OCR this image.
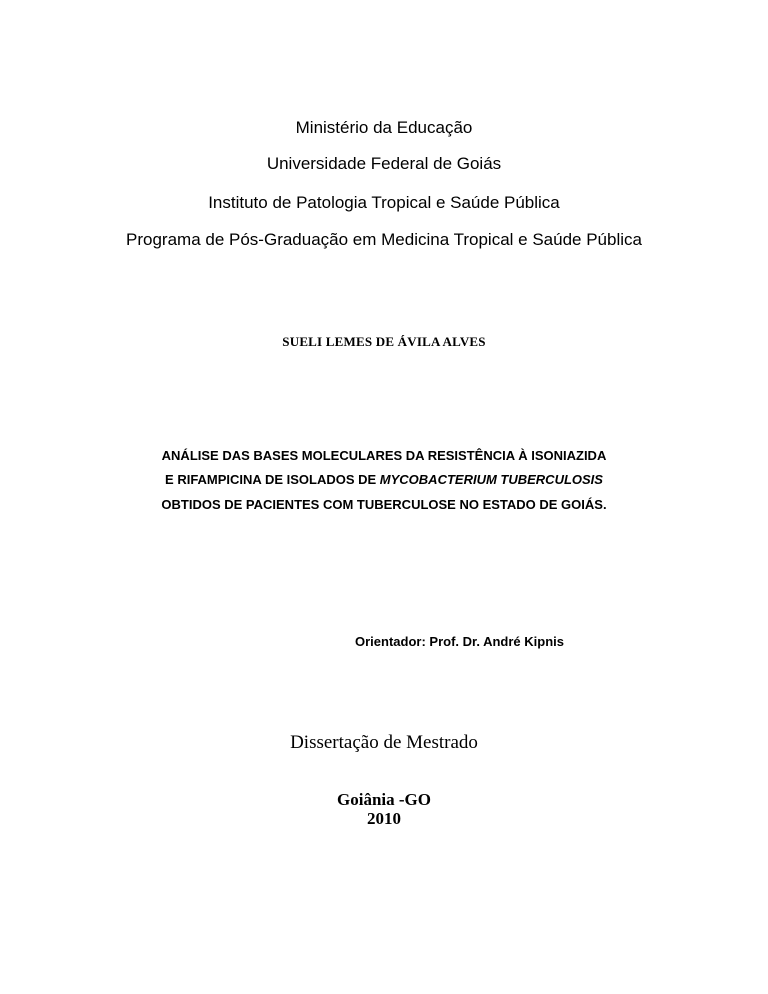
Ministério da Educação

Universidade Federal de Goiás

Instituto de Patologia Tropical e Saúde Pública

Programa de Pós-Graduação em Medicina Tropical e Saúde Pública

SUELI LEMES DE ÁVILA ALVES

ANÁLISE DAS BASES MOLECULARES DA RESISTÊNCIA À ISONIAZIDA

E RIFAMPICINA DE ISOLADOS DE MYCOBACTERIUM TUBERCULOSIS

OBTIDOS DE PACIENTES COM TUBERCULOSE NO ESTADO DE GOIÁS.

Orientador: Prof. Dr. André Kipnis

Dissertação de Mestrado

Goiânia -GO

2010
